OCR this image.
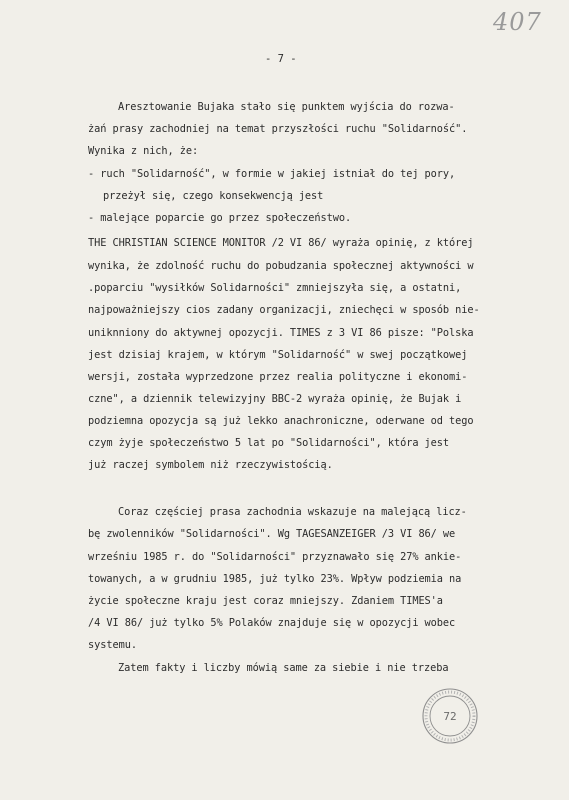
407
- 7 -
Aresztowanie Bujaka stało się punktem wyjścia do rozwa-
żań prasy zachodniej na temat przyszłości ruchu "Solidarność".
Wynika z nich, że:
- ruch "Solidarność", w formie w jakiej istniał do tej pory,
przeżył się, czego konsekwencją jest
- malejące poparcie go przez społeczeństwo.
THE CHRISTIAN SCIENCE MONITOR /2 VI 86/ wyraża opinię, z której
wynika, że zdolność ruchu do pobudzania społecznej aktywności w
.poparciu "wysiłków Solidarności" zmniejszyła się, a ostatni,
najpoważniejszy cios zadany organizacji, zniechęci w sposób nie-
uniknniony do aktywnej opozycji. TIMES z 3 VI 86 pisze: "Polska
jest dzisiaj krajem, w którym "Solidarność" w swej początkowej
wersji, została wyprzedzone przez realia polityczne i ekonomi-
czne", a dziennik telewizyjny BBC-2 wyraża opinię, że Bujak i
podziemna opozycja są już lekko anachroniczne, oderwane od tego
czym żyje społeczeństwo 5 lat po "Solidarności", która jest
już raczej symbolem niż rzeczywistością.
Coraz częściej prasa zachodnia wskazuje na malejącą licz-
bę zwolenników "Solidarności". Wg TAGESANZEIGER /3 VI 86/ we
wrześniu 1985 r. do "Solidarności" przyznawało się 27% ankie-
towanych, a w grudniu 1985, już tylko 23%. Wpływ podziemia na
życie społeczne kraju jest coraz mniejszy. Zdaniem TIMES'a
/4 VI 86/ już tylko 5% Polaków znajduje się w opozycji wobec
systemu.
Zatem fakty i liczby mówią same za siebie i nie trzeba
72
